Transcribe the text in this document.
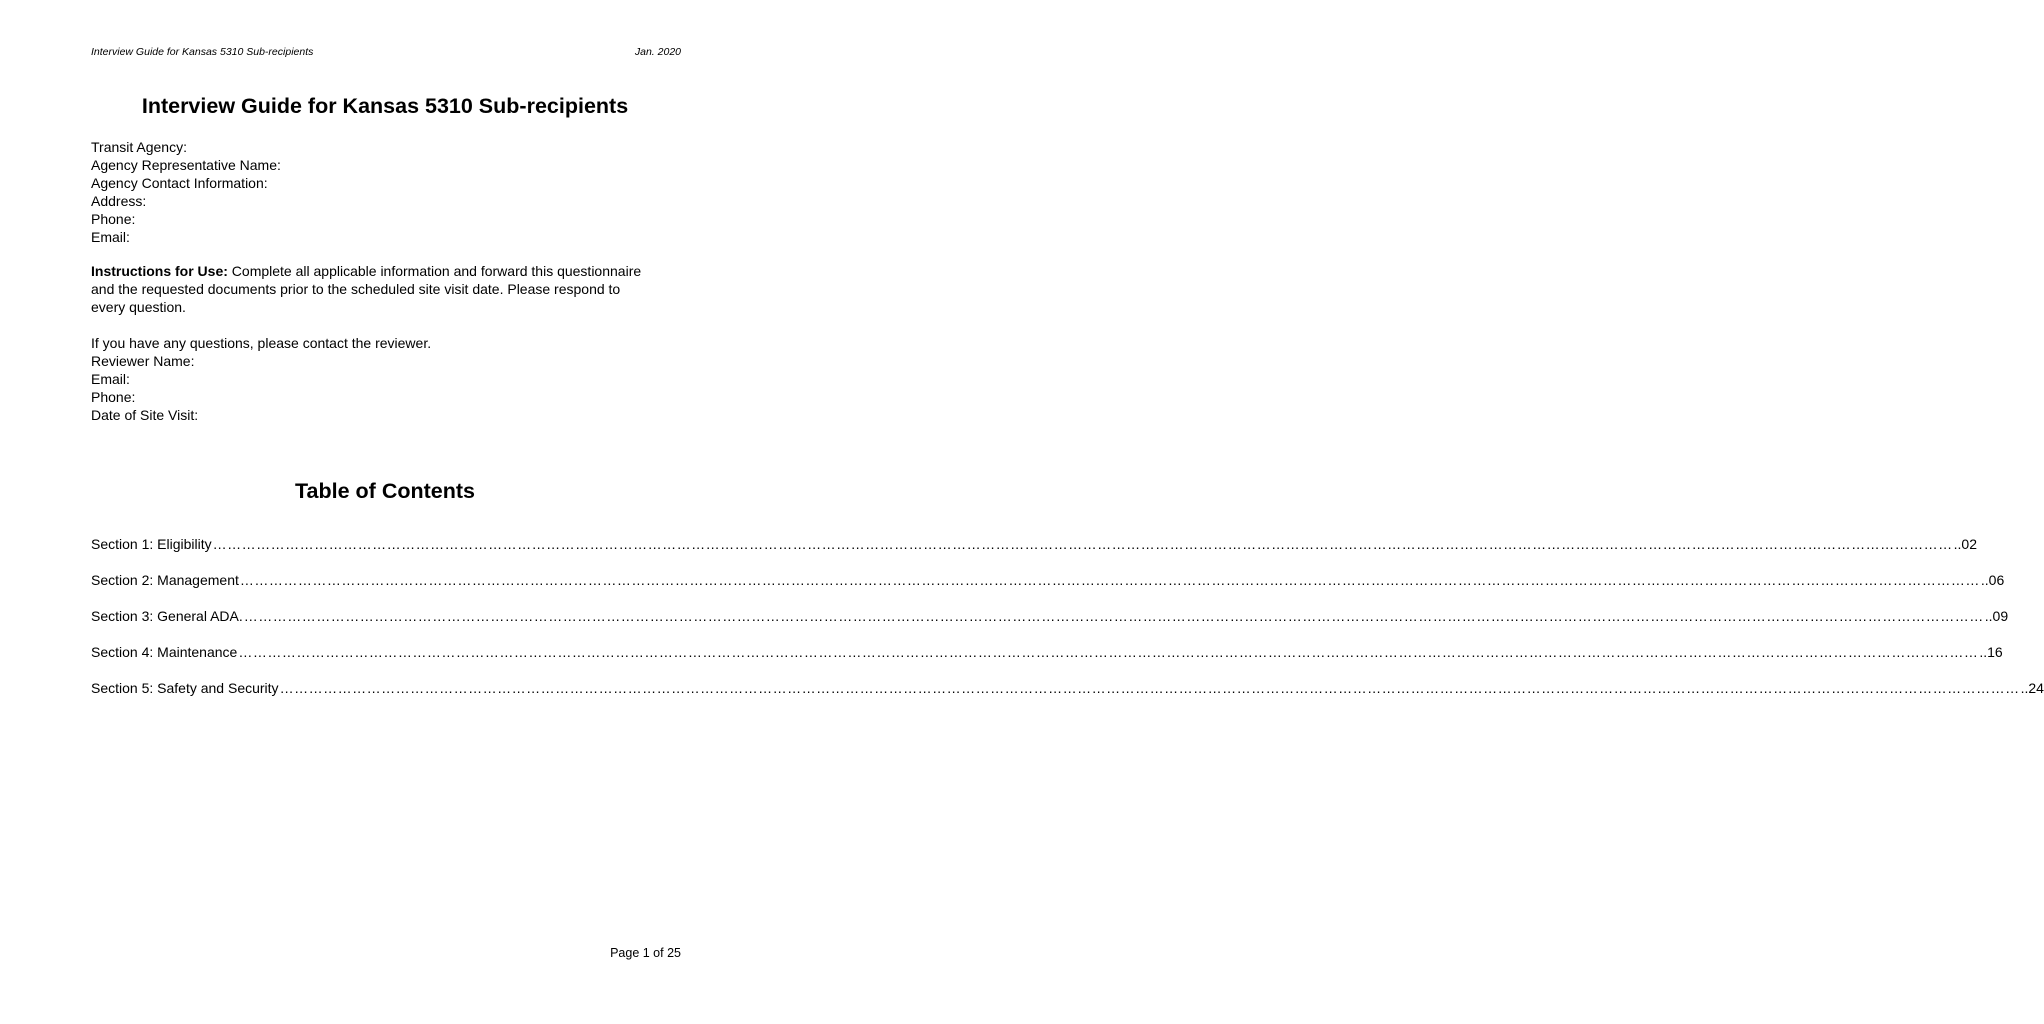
Interview Guide for Kansas 5310 Sub-recipients	Jan. 2020
Interview Guide for Kansas 5310 Sub-recipients
Transit Agency:
Agency Representative Name:
Agency Contact Information:
Address:
Phone:
Email:

Instructions for Use: Complete all applicable information and forward this questionnaire and the requested documents prior to the scheduled site visit date. Please respond to every question.

If you have any questions, please contact the reviewer.
Reviewer Name:
Email:
Phone:
Date of Site Visit:
Table of Contents
Section 1: Eligibility ……………………………………………………………………………………………………………………………………………………………………………………………………………………………………………………………………………………………………………………………… ..02
Section 2: Management ……………………………………………………………………………………………………………………………………………………………………………………………………………………………………………………………………………………………………………………………… ..06
Section 3: General ADA. ……………………………………………………………………………………………………………………………………………………………………………………………………………………………………………………………………………………………………………………………… ..09
Section 4: Maintenance ……………………………………………………………………………………………………………………………………………………………………………………………………………………………………………………………………………………………………………………………… ..16
Section 5: Safety and Security ……………………………………………………………………………………………………………………………………………………………………………………………………………………………………………………………………………………………………………………………… ..24
Page 1 of 25
